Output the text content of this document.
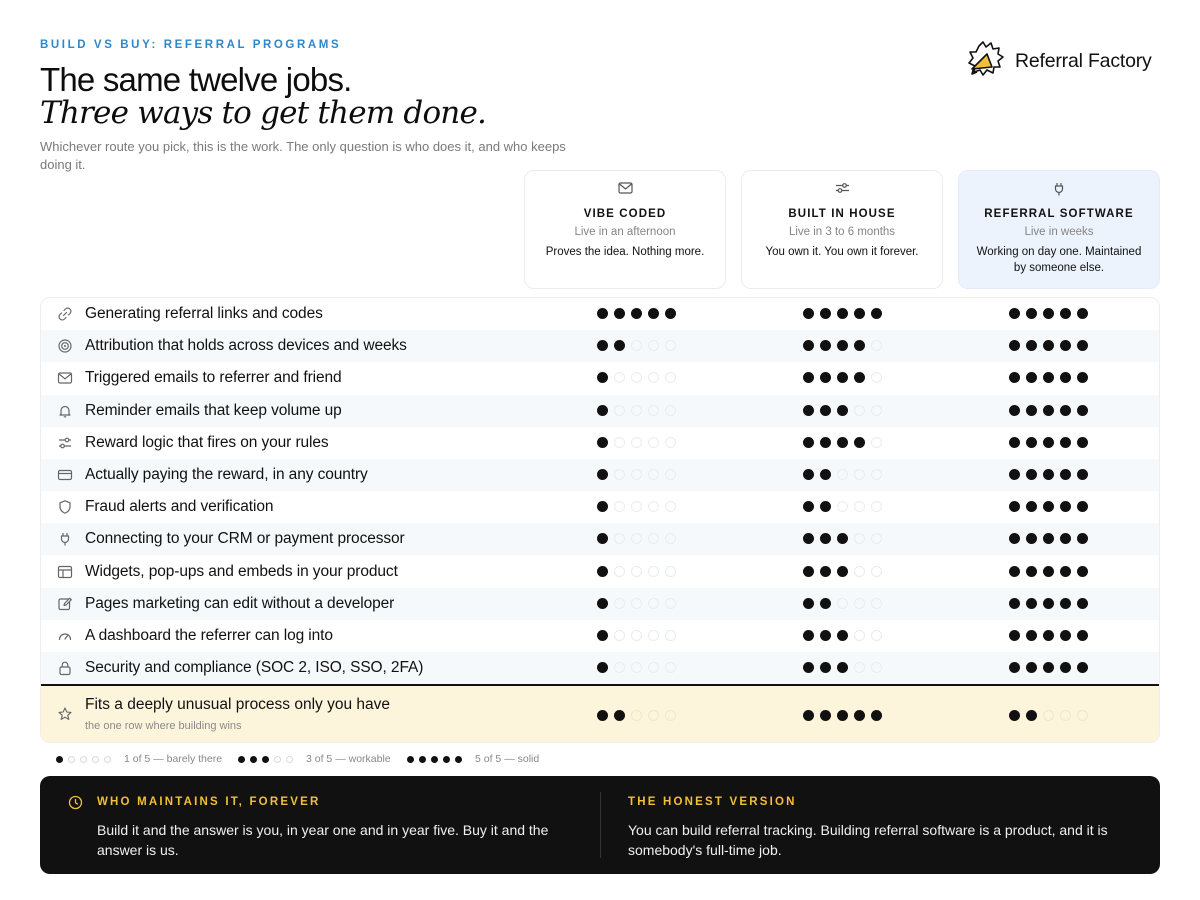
BUILD VS BUY: REFERRAL PROGRAMS
The same twelve jobs.
Three ways to get them done.
Whichever route you pick, this is the work. The only question is who does it, and who keeps doing it.
Referral Factory
VIBE CODED
Live in an afternoon
Proves the idea. Nothing more.
BUILT IN HOUSE
Live in 3 to 6 months
You own it. You own it forever.
REFERRAL SOFTWARE
Live in weeks
Working on day one. Maintained by someone else.
Generating referral links and codes
Attribution that holds across devices and weeks
Triggered emails to referrer and friend
Reminder emails that keep volume up
Reward logic that fires on your rules
Actually paying the reward, in any country
Fraud alerts and verification
Connecting to your CRM or payment processor
Widgets, pop-ups and embeds in your product
Pages marketing can edit without a developer
A dashboard the referrer can log into
Security and compliance (SOC 2, ISO, SSO, 2FA)
Fits a deeply unusual process only you have
the one row where building wins
1 of 5 — barely there	3 of 5 — workable	5 of 5 — solid
WHO MAINTAINS IT, FOREVER
Build it and the answer is you, in year one and in year five. Buy it and the answer is us.
THE HONEST VERSION
You can build referral tracking. Building referral software is a product, and it is somebody's full-time job.
